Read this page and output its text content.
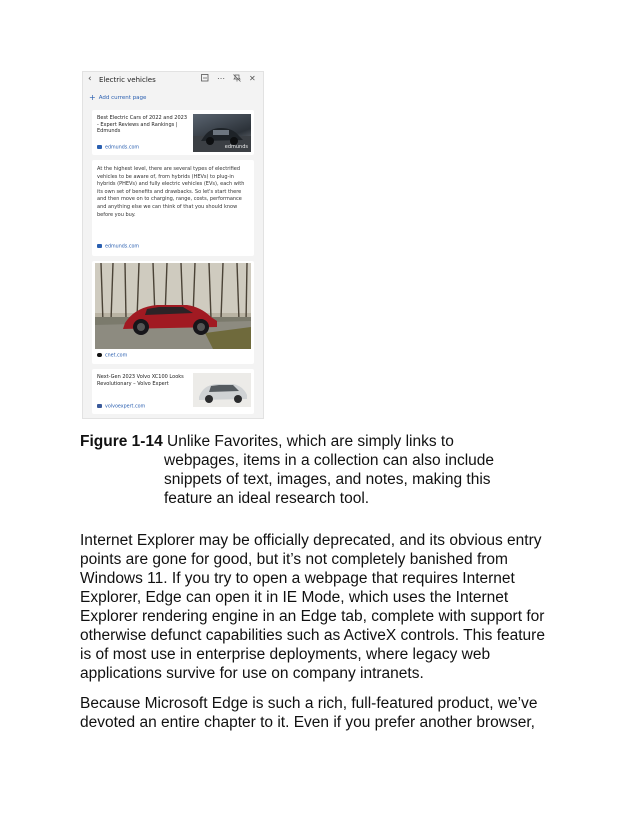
‹ Electric vehicles	⋯	✕
+ Add current page
Best Electric Cars of 2022 and 2023 - Expert Reviews and Rankings | Edmunds
edmunds.com	edmunds
At the highest level, there are several types of electrified vehicles to be aware of, from hybrids (HEVs) to plug-in hybrids (PHEVs) and fully electric vehicles (EVs), each with its own set of benefits and drawbacks. So let's start there and then move on to charging, range, costs, performance and anything else we can think of that you should know before you buy.
edmunds.com
cnet.com
Next-Gen 2023 Volvo XC100 Looks Revolutionary – Volvo Expert
volvoexpert.com
Figure 1-14 Unlike Favorites, which are simply links to
webpages, items in a collection can also include
snippets of text, images, and notes, making this
feature an ideal research tool.
Internet Explorer may be officially deprecated, and its obvious entry
points are gone for good, but it’s not completely banished from
Windows 11. If you try to open a webpage that requires Internet
Explorer, Edge can open it in IE Mode, which uses the Internet
Explorer rendering engine in an Edge tab, complete with support for
otherwise defunct capabilities such as ActiveX controls. This feature
is of most use in enterprise deployments, where legacy web
applications survive for use on company intranets.
Because Microsoft Edge is such a rich, full-featured product, we’ve
devoted an entire chapter to it. Even if you prefer another browser,
